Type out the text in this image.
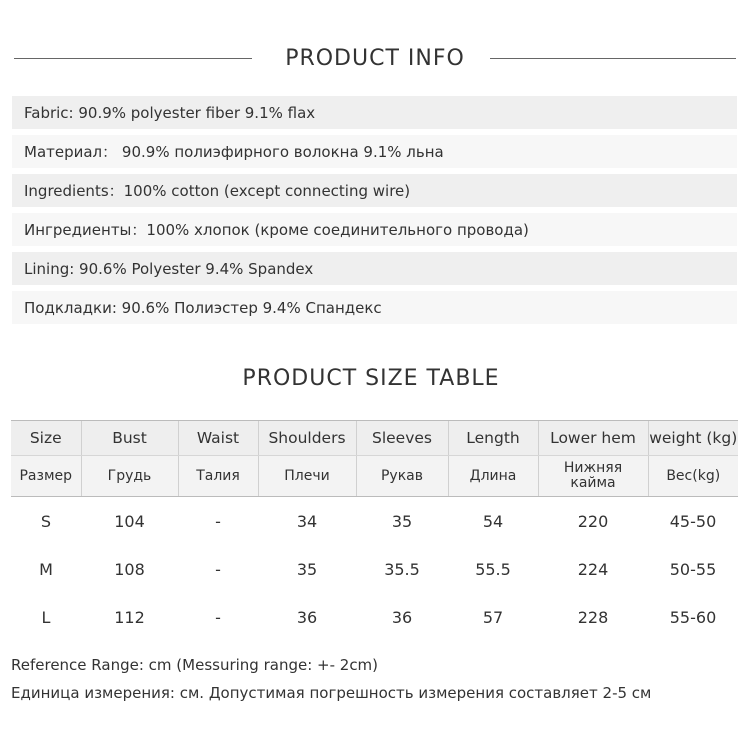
PRODUCT INFO
Fabric: 90.9% polyester fiber 9.1% flax
Материал： 90.9% полиэфирного волокна 9.1% льна
Ingredients：100% cotton (except connecting wire)
Ингредиенты：100% хлопок (кроме соединительного провода)
Lining: 90.6% Polyester 9.4% Spandex
Подкладки: 90.6% Полиэстер 9.4% Спандекс
PRODUCT SIZE TABLE
Size	Bust	Waist	Shoulders	Sleeves	Length	Lower hem	weight (kg)
Размер	Грудь	Талия	Плечи	Рукав	Длина	Нижняя кайма	Вес(kg)
S	104	-	34	35	54	220	45-50
M	108	-	35	35.5	55.5	224	50-55
L	112	-	36	36	57	228	55-60
Reference Range: cm (Messuring range: +- 2cm)
Единица измерения: см. Допустимая погрешность измерения составляет 2-5 см
